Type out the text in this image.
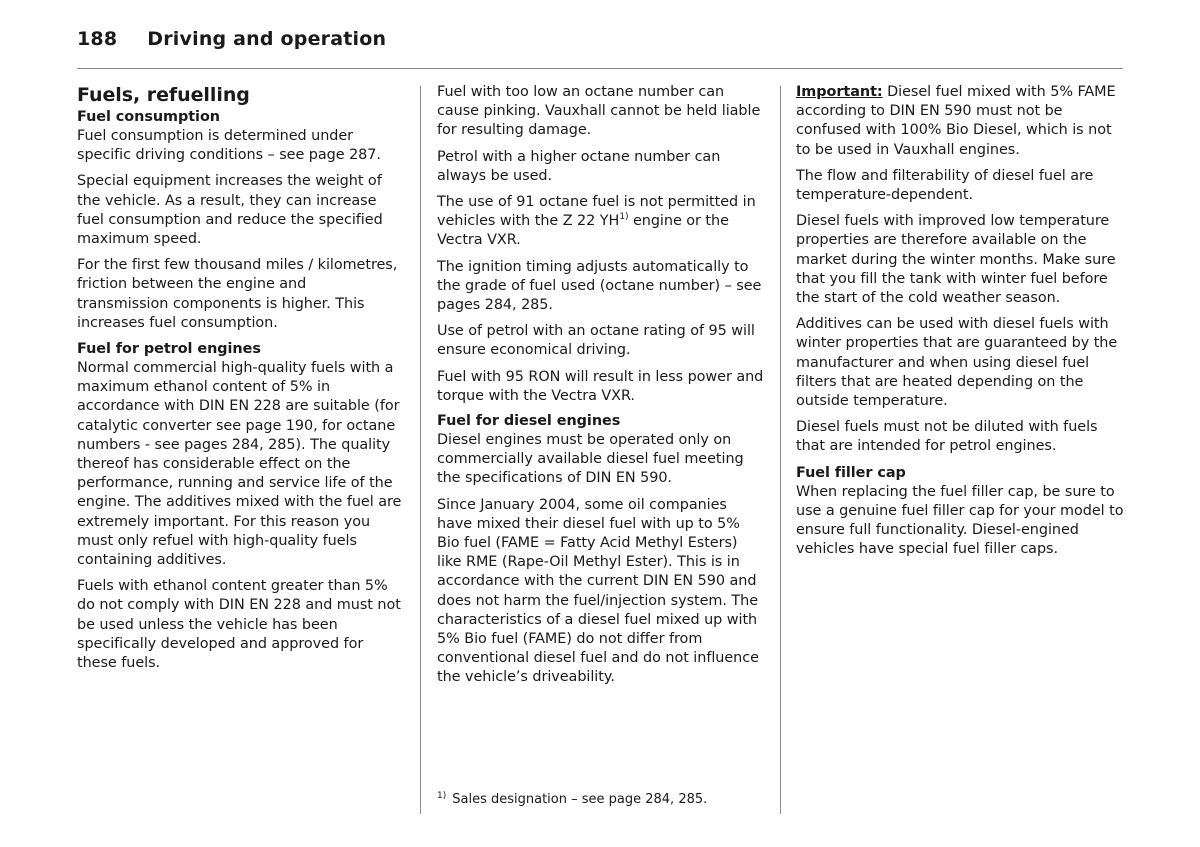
188 Driving and operation
Fuels, refuelling
Fuel consumption

Fuel consumption is determined under specific driving conditions – see page 287.

Special equipment increases the weight of the vehicle. As a result, they can increase fuel consumption and reduce the specified maximum speed.

For the first few thousand miles / kilometres, friction between the engine and transmission components is higher. This increases fuel consumption.

Fuel for petrol engines

Normal commercial high-quality fuels with a maximum ethanol content of 5% in accordance with DIN EN 228 are suitable (for catalytic converter see page 190, for octane numbers - see pages 284, 285). The quality thereof has considerable effect on the performance, running and service life of the engine. The additives mixed with the fuel are extremely important. For this reason you must only refuel with high-quality fuels containing additives.

Fuels with ethanol content greater than 5% do not comply with DIN EN 228 and must not be used unless the vehicle has been specifically developed and approved for these fuels.

Fuel with too low an octane number can cause pinking. Vauxhall cannot be held liable for resulting damage.

Petrol with a higher octane number can always be used.

The use of 91 octane fuel is not permitted in vehicles with the Z 22 YH$^{1)}$ engine or the Vectra VXR.

The ignition timing adjusts automatically to the grade of fuel used (octane number) – see pages 284, 285.

Use of petrol with an octane rating of 95 will ensure economical driving.

Fuel with 95 RON will result in less power and torque with the Vectra VXR.

Fuel for diesel engines

Diesel engines must be operated only on commercially available diesel fuel meeting the specifications of DIN EN 590.

Since January 2004, some oil companies have mixed their diesel fuel with up to 5% Bio fuel (FAME = Fatty Acid Methyl Esters) like RME (Rape-Oil Methyl Ester). This is in accordance with the current DIN EN 590 and does not harm the fuel/injection system. The characteristics of a diesel fuel mixed up with 5% Bio fuel (FAME) do not differ from conventional diesel fuel and do not influence the vehicle’s driveability.

Important: Diesel fuel mixed with 5% FAME according to DIN EN 590 must not be confused with 100% Bio Diesel, which is not to be used in Vauxhall engines.

The flow and filterability of diesel fuel are temperature-dependent.

Diesel fuels with improved low temperature properties are therefore available on the market during the winter months. Make sure that you fill the tank with winter fuel before the start of the cold weather season.

Additives can be used with diesel fuels with winter properties that are guaranteed by the manufacturer and when using diesel fuel filters that are heated depending on the outside temperature.

Diesel fuels must not be diluted with fuels that are intended for petrol engines.

Fuel filler cap

When replacing the fuel filler cap, be sure to use a genuine fuel filler cap for your model to ensure full functionality. Diesel-engined vehicles have special fuel filler caps.

$^{1)}$ Sales designation – see page 284, 285.
